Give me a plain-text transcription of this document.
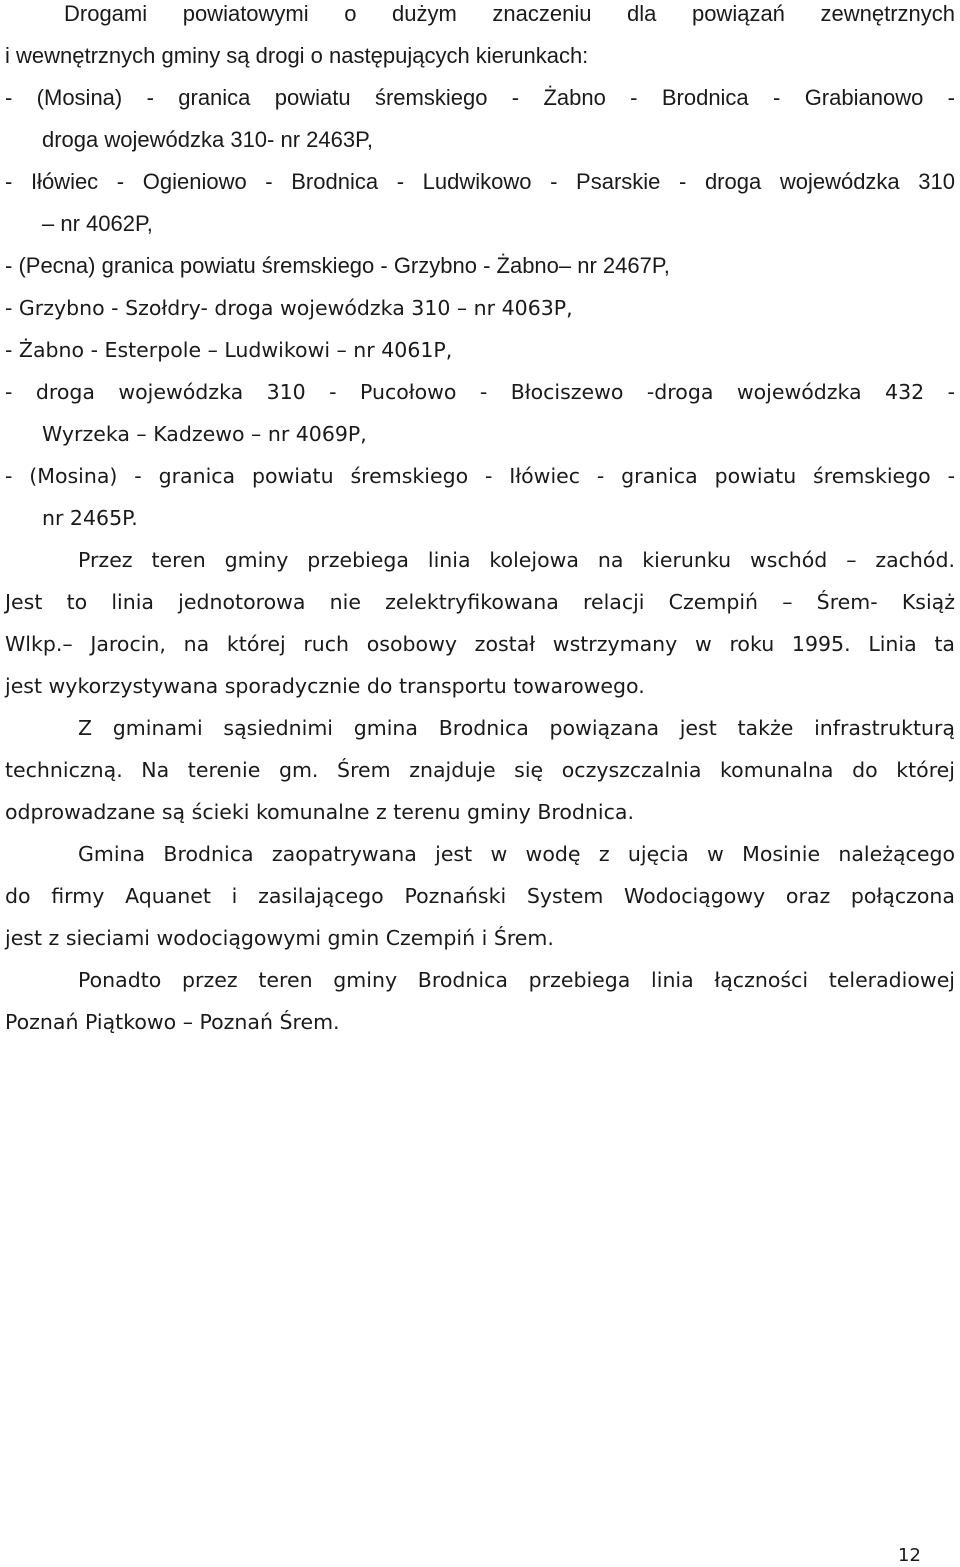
Drogami powiatowymi o dużym znaczeniu dla powiązań zewnętrznych
i wewnętrznych gminy są drogi o następujących kierunkach:
- (Mosina) - granica powiatu śremskiego - Żabno - Brodnica - Grabianowo -
droga wojewódzka 310- nr 2463P,
- Iłówiec - Ogieniowo - Brodnica - Ludwikowo - Psarskie - droga wojewódzka 310
– nr 4062P,
- (Pecna) granica powiatu śremskiego - Grzybno - Żabno– nr 2467P,
- Grzybno - Szołdry- droga wojewódzka 310 – nr 4063P,
- Żabno - Esterpole – Ludwikowi – nr 4061P,
- droga wojewódzka 310 - Pucołowo - Błociszewo -droga wojewódzka 432 -
Wyrzeka – Kadzewo – nr 4069P,
- (Mosina) - granica powiatu śremskiego - Iłówiec - granica powiatu śremskiego -
nr 2465P.
Przez teren gminy przebiega linia kolejowa na kierunku wschód – zachód.
Jest to linia jednotorowa nie zelektryfikowana relacji Czempiń – Śrem- Książ
Wlkp.– Jarocin, na której ruch osobowy został wstrzymany w roku 1995. Linia ta
jest wykorzystywana sporadycznie do transportu towarowego.
Z gminami sąsiednimi gmina Brodnica powiązana jest także infrastrukturą
techniczną. Na terenie gm. Śrem znajduje się oczyszczalnia komunalna do której
odprowadzane są ścieki komunalne z terenu gminy Brodnica.
Gmina Brodnica zaopatrywana jest w wodę z ujęcia w Mosinie należącego
do firmy Aquanet i zasilającego Poznański System Wodociągowy oraz połączona
jest z sieciami wodociągowymi gmin Czempiń i Śrem.
Ponadto przez teren gminy Brodnica przebiega linia łączności teleradiowej
Poznań Piątkowo – Poznań Śrem.
12
